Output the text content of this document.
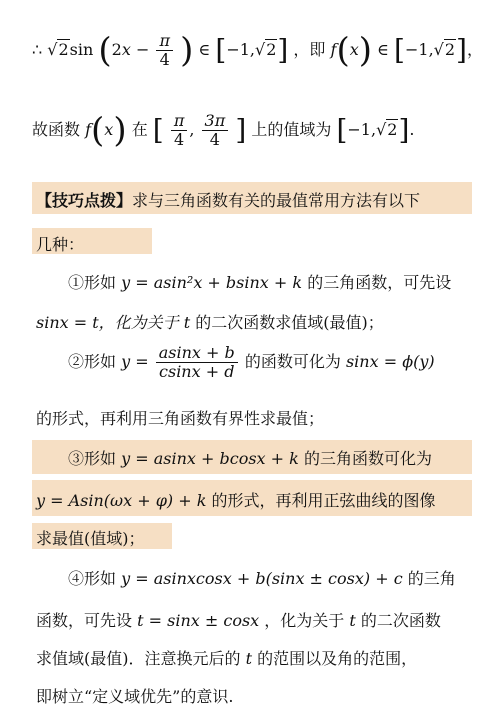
∴ √2sin ($2x - \frac{\pi}{4}$ ) ∈ [−1,√2] ，即 f(x) ∈ [−1,√2]，
故函数 f(x) 在 [ $\frac{\pi}{4}$ , $\frac{3\pi}{4}$ ] 上的值域为 [−1,√2].
【技巧点拨】求与三角函数有关的最值常用方法有以下
几种：
①形如 y = asin²x + bsinx + k 的三角函数，可先设
sinx = t，化为关于 t 的二次函数求值域(最值)；
②形如 $y = \frac{asinx + b}{csinx + d}$ 的函数可化为 sinx = ϕ(y)
的形式，再利用三角函数有界性求最值；
③形如 y = asinx + bcosx + k 的三角函数可化为
y = Asin(ωx + φ) + k 的形式，再利用正弦曲线的图像
求最值(值域)；
④形如 y = asinxcosx + b(sinx ± cosx) + c 的三角
函数，可先设 t = sinx ± cosx ，化为关于 t 的二次函数
求值域(最值)．注意换元后的 t 的范围以及角的范围，
即树立“定义域优先”的意识.
